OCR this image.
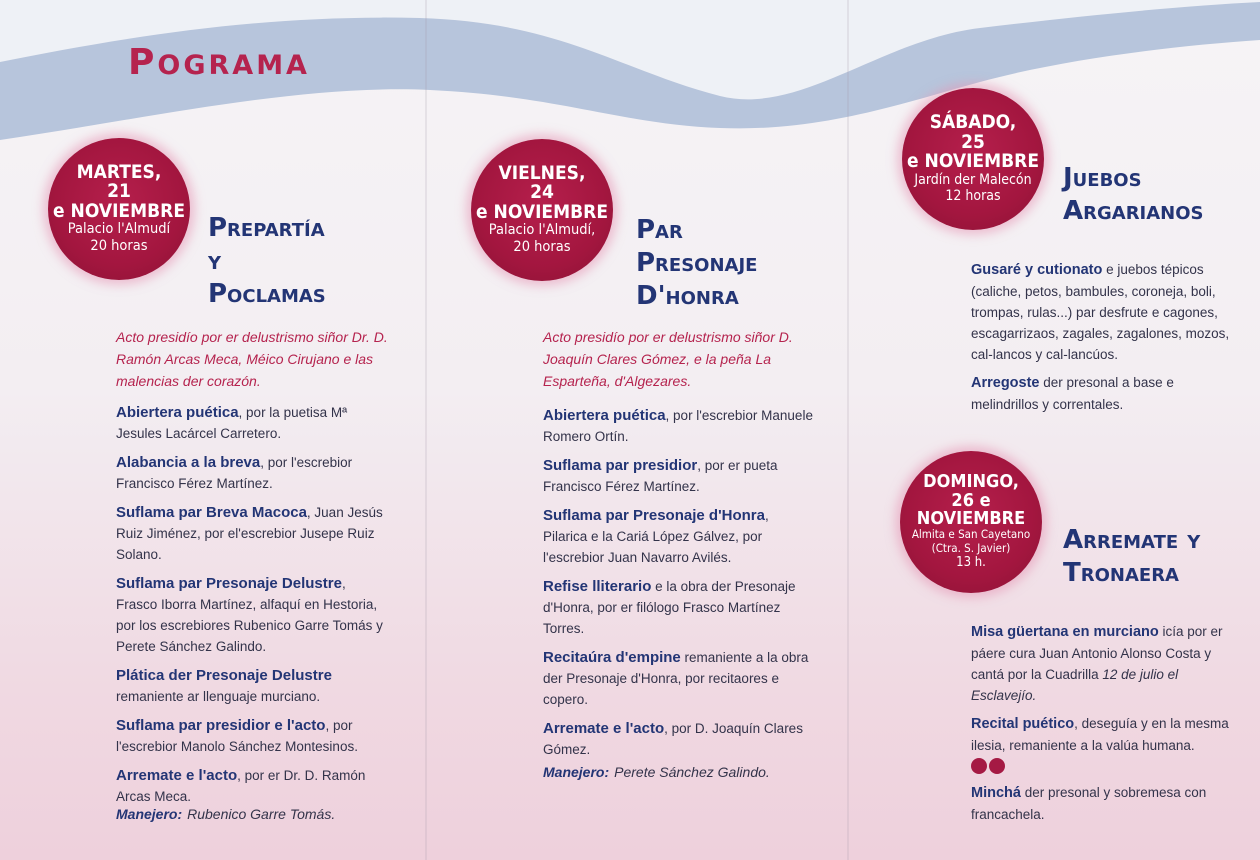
POGRAMA
MARTES,
21
e NOVIEMBRE
Palacio l'Almudí
20 horas
Prepartía
y
Poclamas

Acto presidío por er delustrismo siñor Dr. D. Ramón Arcas Meca, Méico Cirujano e las malencias der corazón.

Abiertera puética, por la puetisa Mª Jesules Lacárcel Carretero.
Alabancia a la breva, por l'escrebior Francisco Férez Martínez.
Suflama par Breva Macoca, Juan Jesús Ruiz Jiménez, por el'escrebior Jusepe Ruiz Solano.
Suflama par Presonaje Delustre, Frasco Iborra Martínez, alfaquí en Hestoria, por los escrebiores Rubenico Garre Tomás y Perete Sánchez Galindo.
Plática der Presonaje Delustre remaniente ar llenguaje murciano.
Suflama par presidior e l'acto, por l'escrebior Manolo Sánchez Montesinos.
Arremate e l'acto, por er Dr. D. Ramón Arcas Meca.

Manejero: Rubenico Garre Tomás.

VIELNES,
24
e NOVIEMBRE
Palacio l'Almudí,
20 horas
Par
Presonaje
D'honra

Acto presidío por er delustrismo siñor D. Joaquín Clares Gómez, e la peña La Esparteña, d'Algezares.

Abiertera puética, por l'escrebior Manuele Romero Ortín.
Suflama par presidior, por er pueta Francisco Férez Martínez.
Suflama par Presonaje d'Honra, Pilarica e la Cariá López Gálvez, por l'escrebior Juan Navarro Avilés.
Refise lliterario e la obra der Presonaje d'Honra, por er filólogo Frasco Martínez Torres.
Recitaúra d'empine remaniente a la obra der Presonaje d'Honra, por recitaores e copero.
Arremate e l'acto, por D. Joaquín Clares Gómez.

Manejero: Perete Sánchez Galindo.

SÁBADO,
25
e NOVIEMBRE
Jardín der Malecón
12 horas
Juebos
Argarianos
Gusaré y cutionato e juebos tépicos (caliche, petos, bambules, coroneja, boli, trompas, rulas...) par desfrute e cagones, escagarrizaos, zagales, zagalones, mozos, cal-lancos y cal-lancúos.
Arregoste der presonal a base e melindrillos y correntales.
DOMINGO,
26 e
NOVIEMBRE
Almita e San Cayetano
(Ctra. S. Javier)
13 h.
Arremate y
Tronaera
Misa güertana en murciano icía por er páere cura Juan Antonio Alonso Costa y cantá por la Cuadrilla 12 de julio el Esclavejío.
Recital puético, deseguía y en la mesma ilesia, remaniente a la valúa humana.
Minchá der presonal y sobremesa con francachela.
